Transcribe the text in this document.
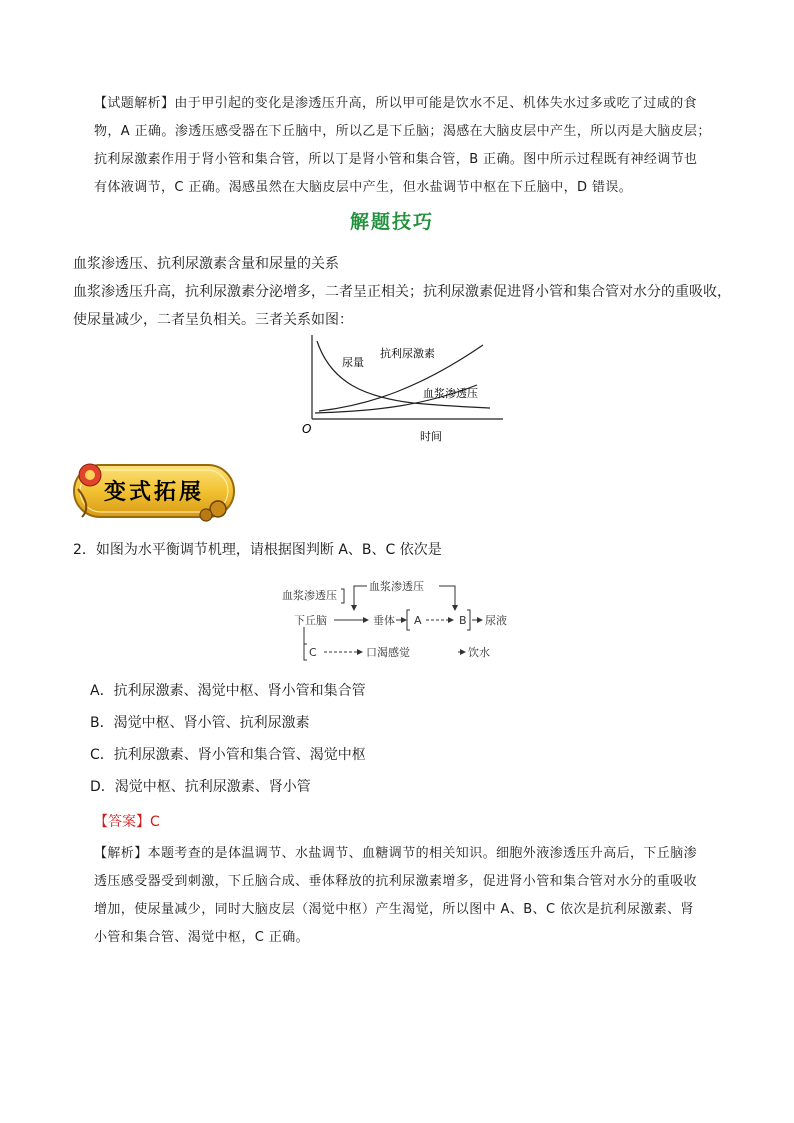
【试题解析】由于甲引起的变化是渗透压升高，所以甲可能是饮水不足、机体失水过多或吃了过咸的食
物，A 正确。渗透压感受器在下丘脑中，所以乙是下丘脑；渴感在大脑皮层中产生，所以丙是大脑皮层；
抗利尿激素作用于肾小管和集合管，所以丁是肾小管和集合管，B 正确。图中所示过程既有神经调节也
有体液调节，C 正确。渴感虽然在大脑皮层中产生，但水盐调节中枢在下丘脑中，D 错误。
解题技巧
血浆渗透压、抗利尿激素含量和尿量的关系
血浆渗透压升高，抗利尿激素分泌增多，二者呈正相关；抗利尿激素促进肾小管和集合管对水分的重吸收，
使尿量减少，二者呈负相关。三者关系如图：
尿量
抗利尿激素
血浆渗透压
O
时间
变式拓展
2．如图为水平衡调节机理，请根据图判断 A、B、C 依次是
血浆渗透压
血浆渗透压
下丘脑	垂体 A	B 尿液
C	口渴感觉	饮水
A．抗利尿激素、渴觉中枢、肾小管和集合管
B．渴觉中枢、肾小管、抗利尿激素
C．抗利尿激素、肾小管和集合管、渴觉中枢
D．渴觉中枢、抗利尿激素、肾小管
【答案】C
【解析】本题考查的是体温调节、水盐调节、血糖调节的相关知识。细胞外液渗透压升高后，下丘脑渗
透压感受器受到刺激，下丘脑合成、垂体释放的抗利尿激素增多，促进肾小管和集合管对水分的重吸收
增加，使尿量减少，同时大脑皮层（渴觉中枢）产生渴觉，所以图中 A、B、C 依次是抗利尿激素、肾
小管和集合管、渴觉中枢，C 正确。
